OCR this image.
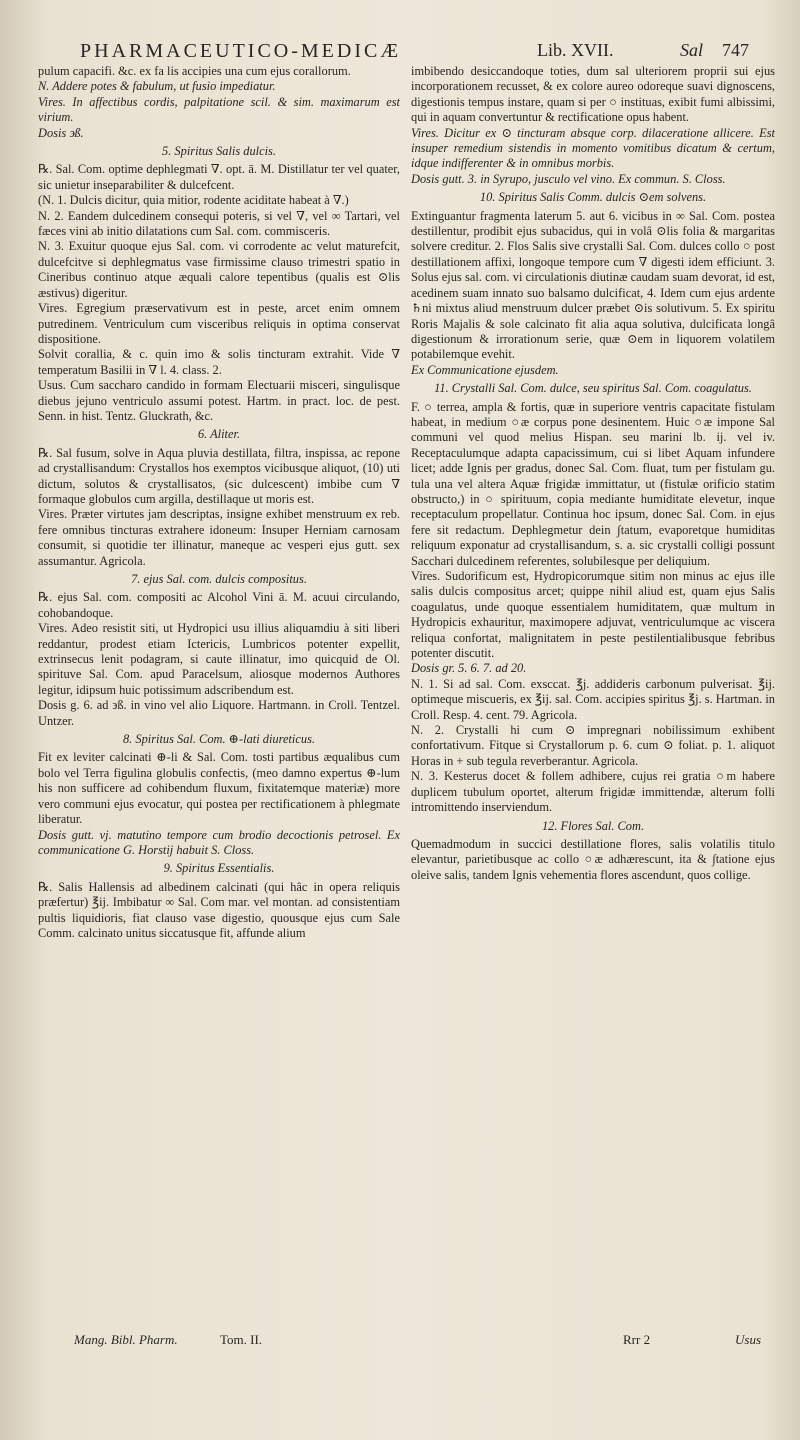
PHARMACEUTICO-MEDICÆ	Lib. XVII.	Sal 747

pulum capacifi. &c. ex fa lis accipies una cum ejus corallorum.

N. Addere potes & fabulum, ut fusio impediatur.

Vires. In affectibus cordis, palpitatione scil. & sim. maximarum est virium.

Dosis ϶ß.

5. Spiritus Salis dulcis.

℞. Sal. Com. optime dephlegmati ∇. opt. ā. M. Distillatur ter vel quater, sic unietur inseparabiliter & dulcefcent.

(N. 1. Dulcis dicitur, quia mitior, rodente aciditate habeat à ∇.)

N. 2. Eandem dulcedinem consequi poteris, si vel ∇, vel ∞ Tartari, vel fæces vini ab initio dilatations cum Sal. com. commisceris.

N. 3. Exuitur quoque ejus Sal. com. vi corrodente ac velut maturefcit, dulcefcitve si dephlegmatus vase firmissime clauso trimestri spatio in Cineribus continuo atque æquali calore tepentibus (qualis est ⊙lis æstivus) digeritur.

Vires. Egregium præservativum est in peste, arcet enim omnem putredinem. Ventriculum cum visceribus reliquis in optima conservat dispositione.

Solvit corallia, & c. quin imo & solis tincturam extrahit. Vide ∇ temperatum Basilii in ∇ l. 4. class. 2.

Usus. Cum saccharo candido in formam Electuarii misceri, singulisque diebus jejuno ventriculo assumi potest. Hartm. in pract. loc. de pest. Senn. in hist. Tentz. Gluckrath, &c.

6. Aliter.

℞. Sal fusum, solve in Aqua pluvia destillata, filtra, inspissa, ac repone ad crystallisandum: Crystallos hos exemptos vicibusque aliquot, (10) uti dictum, solutos & crystallisatos, (sic dulcescent) imbibe cum ∇ formaque globulos cum argilla, destillaque ut moris est.

Vires. Præter virtutes jam descriptas, insigne exhibet menstruum ex reb. fere omnibus tincturas extrahere idoneum: Insuper Herniam carnosam consumit, si quotidie ter illinatur, maneque ac vesperi ejus gutt. sex assumantur. Agricola.

7. ejus Sal. com. dulcis compositus.

℞. ejus Sal. com. compositi ac Alcohol Vini ā. M. acuui circulando, cohobandoque.

Vires. Adeo resistit siti, ut Hydropici usu illius aliquamdiu à siti liberi reddantur, prodest etiam Ictericis, Lumbricos potenter expellit, extrinsecus lenit podagram, si caute illinatur, imo quicquid de Ol. spirituve Sal. Com. apud Paracelsum, aliosque modernos Authores legitur, idipsum huic potissimum adscribendum est.

Dosis g. 6. ad ϶ß. in vino vel alio Liquore. Hartmann. in Croll. Tentzel. Untzer.

8. Spiritus Sal. Com. ⊕-lati diureticus.

Fit ex leviter calcinati ⊕-li & Sal. Com. tosti partibus æqualibus cum bolo vel Terra figulina globulis confectis, (meo damno expertus ⊕-lum his non sufficere ad cohibendum fluxum, fixitatemque materiæ) more vero communi ejus evocatur, qui postea per rectificationem à phlegmate liberatur.

Dosis gutt. vj. matutino tempore cum brodio decoctionis petrosel. Ex communicatione G. Horstij habuit S. Closs.

9. Spiritus Essentialis.

℞. Salis Hallensis ad albedinem calcinati (qui hâc in opera reliquis præfertur) ℥ij. Imbibatur ∞ Sal. Com mar. vel montan. ad consistentiam pultis liquidioris, fiat clauso vase digestio, quousque ejus cum Sale Comm. calcinato unitus siccatusque fit, affunde alium

imbibendo desiccandoque toties, dum sal ulteriorem proprii sui ejus incorporationem recusset, & ex colore aureo odoreque suavi dignoscens, digestionis tempus instare, quam si per ○ instituas, exibit fumi albissimi, qui in aquam convertuntur & rectificatione opus habent.

Vires. Dicitur ex ⊙ tincturam absque corp. dilaceratione allicere. Est insuper remedium sistendis in momento vomitibus dicatum & certum, idque indifferenter & in omnibus morbis.

Dosis gutt. 3. in Syrupo, jusculo vel vino. Ex commun. S. Closs.

10. Spiritus Salis Comm. dulcis ⊙em solvens.

Extinguantur fragmenta laterum 5. aut 6. vicibus in ∞ Sal. Com. postea destillentur, prodibit ejus subacidus, qui in volâ ⊙lis folia & margaritas solvere creditur. 2. Flos Salis sive crystalli Sal. Com. dulces collo ○ post destillationem affixi, longoque tempore cum ∇ digesti idem efficiunt. 3. Solus ejus sal. com. vi circulationis diutinæ caudam suam devorat, id est, acedinem suam innato suo balsamo dulcificat, 4. Idem cum ejus ardente ♄ni mixtus aliud menstruum dulcer præbet ⊙is solutivum. 5. Ex spiritu Roris Majalis & sole calcinato fit alia aqua solutiva, dulcificata longâ digestionum & irrorationum serie, quæ ⊙em in liquorem volatilem potabilemque evehit.

Ex Communicatione ejusdem.

11. Crystalli Sal. Com. dulce, seu spiritus Sal. Com. coagulatus.

F. ○ terrea, ampla & fortis, quæ in superiore ventris capacitate fistulam habeat, in medium ○æ corpus pone desinentem. Huic ○æ impone Sal communi vel quod melius Hispan. seu marini lb. ij. vel iv. Receptaculumque adapta capacissimum, cui si libet Aquam infundere licet; adde Ignis per gradus, donec Sal. Com. fluat, tum per fistulam gu. tula una vel altera Aquæ frigidæ immittatur, ut (fistulæ orificio statim obstructo,) in ○ spirituum, copia mediante humiditate elevetur, inque receptaculum propellatur. Continua hoc ipsum, donec Sal. Com. in ejus fere sit redactum. Dephlegmetur dein ∫tatum, evaporetque humiditas reliquum exponatur ad crystallisandum, s. a. sic crystalli colligi possunt Sacchari dulcedinem referentes, solubilesque per deliquium.

Vires. Sudorificum est, Hydropicorumque sitim non minus ac ejus ille salis dulcis compositus arcet; quippe nihil aliud est, quam ejus Salis coagulatus, unde quoque essentialem humiditatem, quæ multum in Hydropicis exhauritur, maximopere adjuvat, ventriculumque ac viscera reliqua confortat, malignitatem in peste pestilentialibusque febribus potenter discutit.

Dosis gr. 5. 6. 7. ad 20.

N. 1. Si ad sal. Com. exsccat. ℥j. addideris carbonum pulverisat. ℥ij. optimeque miscueris, ex ℥ij. sal. Com. accipies spiritus ℥j. s. Hartman. in Croll. Resp. 4. cent. 79. Agricola.

N. 2. Crystalli hi cum ⊙ impregnari nobilissimum exhibent confortativum. Fitque si Crystallorum p. 6. cum ⊙ foliat. p. 1. aliquot Horas in + sub tegula reverberantur. Agricola.

N. 3. Kesterus docet & follem adhibere, cujus rei gratia ○m habere duplicem tubulum oportet, alterum frigidæ immittendæ, alterum folli intromittendo inserviendum.

12. Flores Sal. Com.

Quemadmodum in succici destillatione flores, salis volatilis titulo elevantur, parietibusque ac collo ○æ adhærescunt, ita & ∫tatione ejus oleive salis, tandem Ignis vehementia flores ascendunt, quos collige.

Mang. Bibl. Pharm.	Tom. II.	Rrr 2	Usus
